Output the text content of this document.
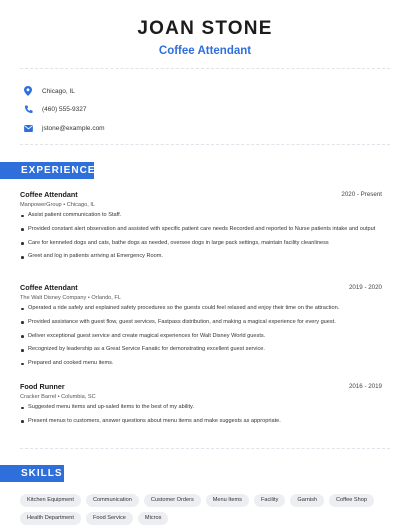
JOAN STONE
Coffee Attendant
Chicago, IL
(460) 555-9327
jstone@example.com
EXPERIENCE
Coffee Attendant	2020 - Present
ManpowerGroup • Chicago, IL
Assist patient communication to Staff.
Provided constant alert observation and assisted with specific patient care needs Recorded and reported to Nurse patients intake and output
Care for kenneled dogs and cats, bathe dogs as needed, oversee dogs in large pack settings, maintain facility cleanliness
Greet and log in patients arriving at Emergency Room.
Coffee Attendant	2019 - 2020
The Walt Disney Company • Orlando, FL
Operated a ride safely and explained safety procedures so the guests could feel relaxed and enjoy their time on the attraction.
Provided assistance with guest flow, guest services, Fastpass distribution, and making a magical experience for every guest.
Deliver exceptional guest service and create magical experiences for Walt Disney World guests.
Recognized by leadership as a Great Service Fanatic for demonstrating excellent guest service.
Prepared and cooked menu items.
Food Runner	2016 - 2019
Cracker Barrel • Columbia, SC
Suggested menu items and up-saled items to the best of my ability.
Present menus to customers, answer questions about menu items and make suggests as appropriate.
SKILLS
Kitchen Equipment	Communication	Customer Orders	Menu Items	Facility	Garnish	Coffee Shop
Health Department	Food Service	Micros
